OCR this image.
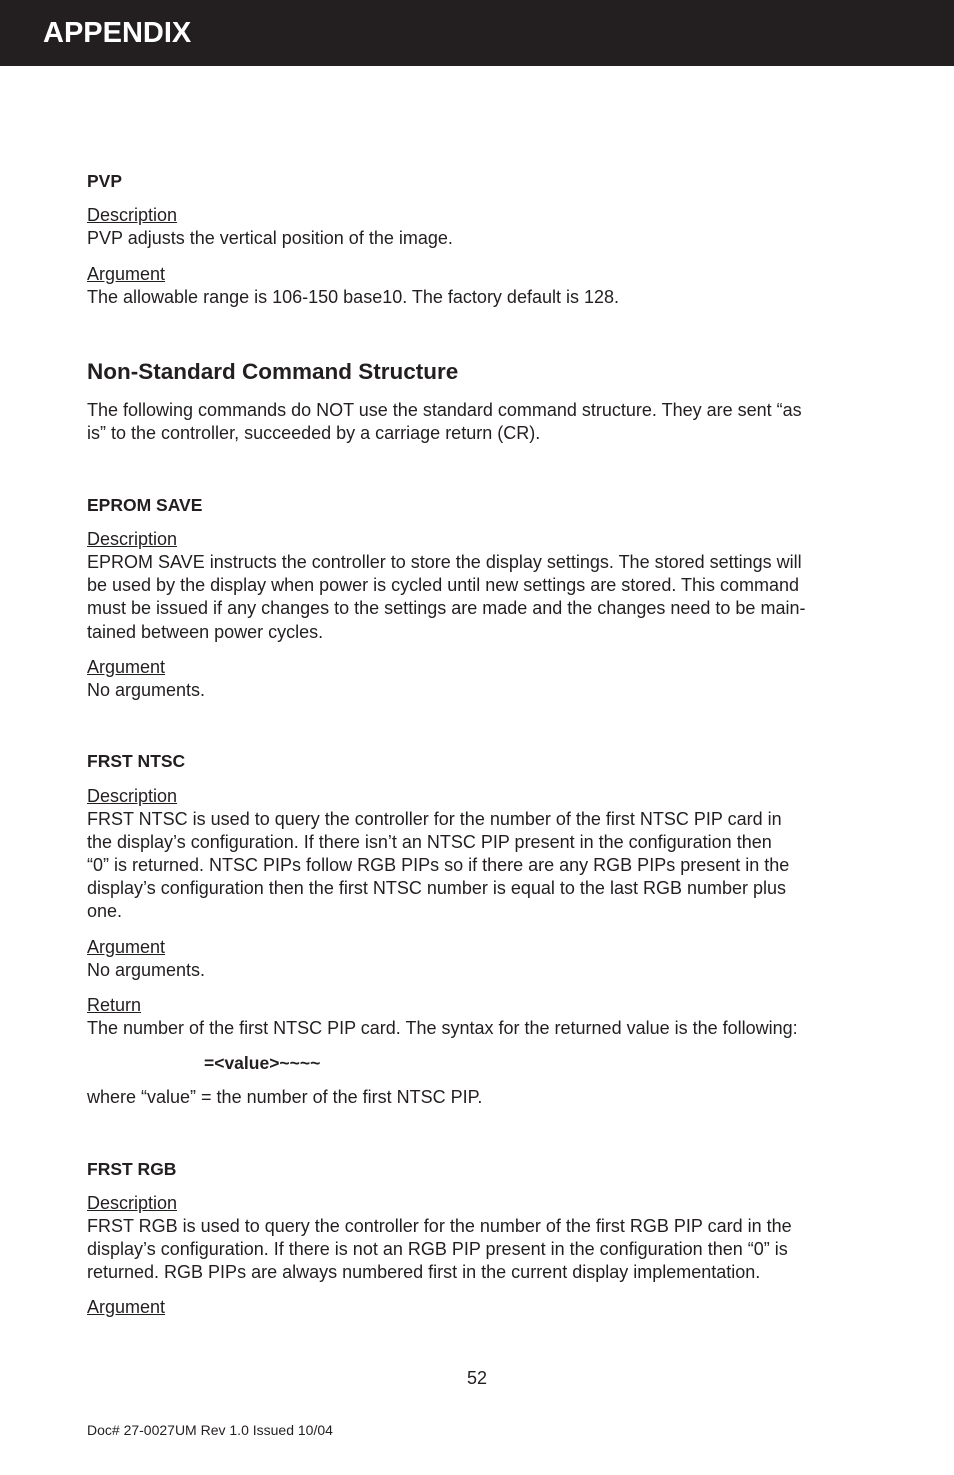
APPENDIX
PVP
Description
PVP adjusts the vertical position of the image.
Argument
The allowable range is 106-150 base10. The factory default is 128.
Non-Standard Command Structure
The following commands do NOT use the standard command structure. They are sent “as
is” to the controller, succeeded by a carriage return (CR).
EPROM SAVE
Description
EPROM SAVE instructs the controller to store the display settings. The stored settings will
be used by the display when power is cycled until new settings are stored. This command
must be issued if any changes to the settings are made and the changes need to be main-
tained between power cycles.
Argument
No arguments.
FRST NTSC
Description
FRST NTSC is used to query the controller for the number of the first NTSC PIP card in
the display’s configuration. If there isn’t an NTSC PIP present in the configuration then
“0” is returned. NTSC PIPs follow RGB PIPs so if there are any RGB PIPs present in the
display’s configuration then the first NTSC number is equal to the last RGB number plus
one.
Argument
No arguments.
Return
The number of the first NTSC PIP card. The syntax for the returned value is the following:
=<value>~~~~
where “value” = the number of the first NTSC PIP.
FRST RGB
Description
FRST RGB is used to query the controller for the number of the first RGB PIP card in the
display’s configuration. If there is not an RGB PIP present in the configuration then “0” is
returned. RGB PIPs are always numbered first in the current display implementation.
Argument
52
Doc# 27-0027UM Rev 1.0 Issued 10/04
